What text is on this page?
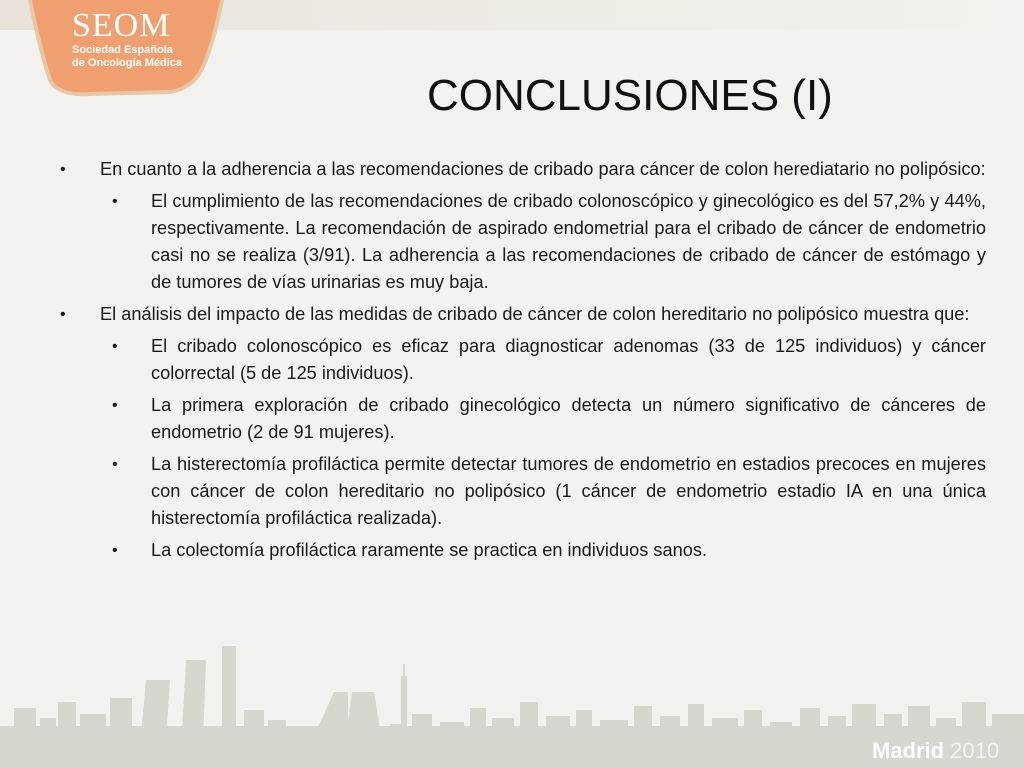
SEOM
Sociedad Española
de Oncología Médica
CONCLUSIONES (I)
• En cuanto a la adherencia a las recomendaciones de cribado para cáncer de colon herediatario no polipósico:
• El cumplimiento de las recomendaciones de cribado colonoscópico y ginecológico es del 57,2% y 44%, respectivamente. La recomendación de aspirado endometrial para el cribado de cáncer de endometrio casi no se realiza (3/91). La adherencia a las recomendaciones de cribado de cáncer de estómago y de tumores de vías urinarias es muy baja.
• El análisis del impacto de las medidas de cribado de cáncer de colon hereditario no polipósico muestra que:
• El cribado colonoscópico es eficaz para diagnosticar adenomas (33 de 125 individuos) y cáncer colorrectal (5 de 125 individuos).
• La primera exploración de cribado ginecológico detecta un número significativo de cánceres de endometrio (2 de 91 mujeres).
• La histerectomía profiláctica permite detectar tumores de endometrio en estadios precoces en mujeres con cáncer de colon hereditario no polipósico (1 cáncer de endometrio estadio IA en una única histerectomía profiláctica realizada).
• La colectomía profiláctica raramente se practica en individuos sanos.
Madrid 2010
